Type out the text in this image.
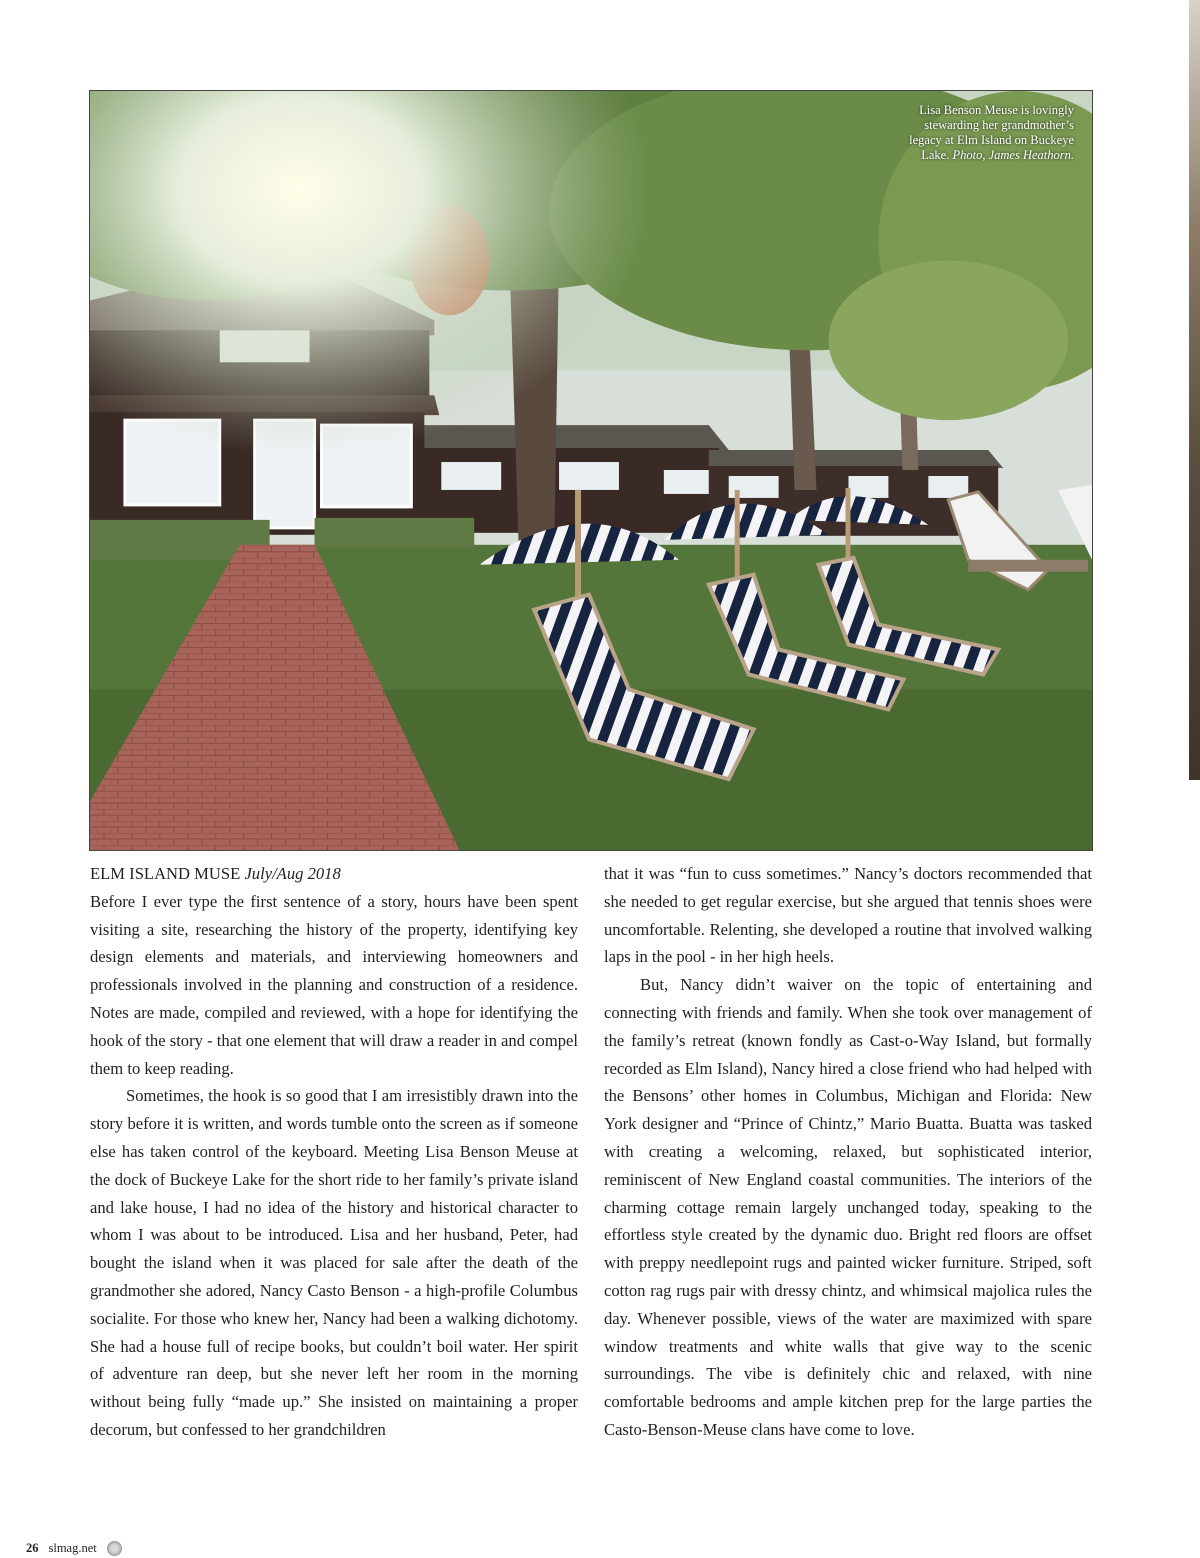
Lisa Benson Meuse is lovingly stewarding her grandmother’s legacy at Elm Island on Buckeye Lake. Photo, James Heathorn.
ELM ISLAND MUSE July/Aug 2018

Before I ever type the first sentence of a story, hours have been spent visiting a site, researching the history of the property, identifying key design elements and materials, and interviewing homeowners and professionals involved in the planning and construction of a residence. Notes are made, compiled and reviewed, with a hope for identifying the hook of the story - that one element that will draw a reader in and compel them to keep reading.

Sometimes, the hook is so good that I am irresistibly drawn into the story before it is written, and words tumble onto the screen as if someone else has taken control of the keyboard. Meeting Lisa Benson Meuse at the dock of Buckeye Lake for the short ride to her family’s private island and lake house, I had no idea of the history and historical character to whom I was about to be introduced. Lisa and her husband, Peter, had bought the island when it was placed for sale after the death of the grandmother she adored, Nancy Casto Benson - a high-profile Columbus socialite. For those who knew her, Nancy had been a walking dichotomy. She had a house full of recipe books, but couldn’t boil water. Her spirit of adventure ran deep, but she never left her room in the morning without being fully “made up.” She insisted on maintaining a proper decorum, but confessed to her grandchildren

that it was “fun to cuss sometimes.” Nancy’s doctors recommended that she needed to get regular exercise, but she argued that tennis shoes were uncomfortable. Relenting, she developed a routine that involved walking laps in the pool - in her high heels.

But, Nancy didn’t waiver on the topic of entertaining and connecting with friends and family. When she took over management of the family’s retreat (known fondly as Cast-o-Way Island, but formally recorded as Elm Island), Nancy hired a close friend who had helped with the Bensons’ other homes in Columbus, Michigan and Florida: New York designer and “Prince of Chintz,” Mario Buatta. Buatta was tasked with creating a welcoming, relaxed, but sophisticated interior, reminiscent of New England coastal communities. The interiors of the charming cottage remain largely unchanged today, speaking to the effortless style created by the dynamic duo. Bright red floors are offset with preppy needlepoint rugs and painted wicker furniture. Striped, soft cotton rag rugs pair with dressy chintz, and whimsical majolica rules the day. Whenever possible, views of the water are maximized with spare window treatments and white walls that give way to the scenic surroundings. The vibe is definitely chic and relaxed, with nine comfortable bedrooms and ample kitchen prep for the large parties the Casto-Benson-Meuse clans have come to love.

26 slmag.net
